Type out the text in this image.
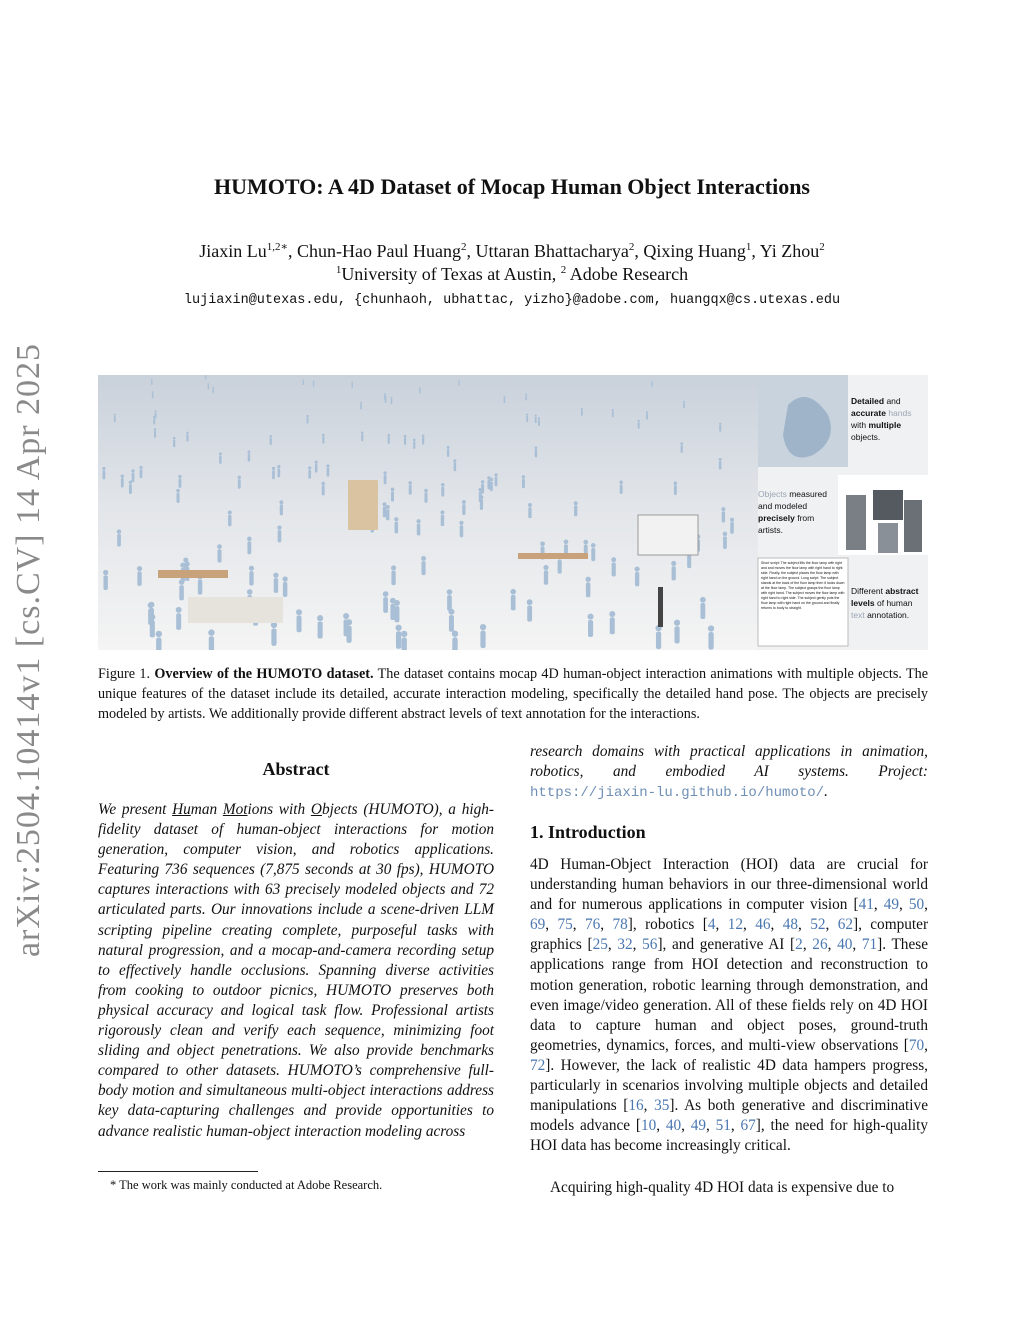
arXiv:2504.10414v1 [cs.CV] 14 Apr 2025
HUMOTO: A 4D Dataset of Mocap Human Object Interactions
Jiaxin $Lu^{1,2∗}$, Chun-Hao Paul Huang$^2$, Uttaran Bhattacharya$^2$, Qixing Huang$^1$, Yi Zhou$^2$
$^1$University of Texas at Austin, $^2$ Adobe Research
lujiaxin@utexas.edu, {chunhaoh, ubhattac, yizho}@adobe.com, huangqx@cs.utexas.edu
Detailed and
accurate hands
with multiple
objects.
Objects measured and modeled precisely from artists.
Different abstract levels of human text annotation.
Short script: The subject lifts the floor lamp with right and and moves the floor lamp with right hand to right side. Finally, the subject places the floor lamp with right hand on the ground. Long script: The subject stands at the back of the floor lamp then it looks down at the floor lamp. The subject grasps the floor lamp with right hand. The subject moves the floor lamp with right hand to right side. The subject gently puts the floor lamp with right hand on the ground and finally returns to body to straight.
Figure 1. Overview of the HUMOTO dataset. The dataset contains mocap 4D human-object interaction animations with multiple objects. The unique features of the dataset include its detailed, accurate interaction modeling, specifically the detailed hand pose. The objects are precisely modeled by artists. We additionally provide different abstract levels of text annotation for the interactions.
Abstract
We present Human Motions with Objects (HUMOTO), a high-fidelity dataset of human-object interactions for motion generation, computer vision, and robotics applications. Featuring 736 sequences (7,875 seconds at 30 fps), HUMOTO captures interactions with 63 precisely modeled objects and 72 articulated parts. Our innovations include a scene-driven LLM scripting pipeline creating complete, purposeful tasks with natural progression, and a mocap-and-camera recording setup to effectively handle occlusions. Spanning diverse activities from cooking to outdoor picnics, HUMOTO preserves both physical accuracy and logical task flow. Professional artists rigorously clean and verify each sequence, minimizing foot sliding and object penetrations. We also provide benchmarks compared to other datasets. HUMOTO’s comprehensive full-body motion and simultaneous multi-object interactions address key data-capturing challenges and provide opportunities to advance realistic human-object interaction modeling across
* The work was mainly conducted at Adobe Research.
research domains with practical applications in animation, robotics, and embodied AI systems. Project: https://jiaxin-lu.github.io/humoto/.
1. Introduction
4D Human-Object Interaction (HOI) data are crucial for understanding human behaviors in our three-dimensional world and for numerous applications in computer vision [41, 49, 50, 69, 75, 76, 78], robotics [4, 12, 46, 48, 52, 62], computer graphics [25, 32, 56], and generative AI [2, 26, 40, 71]. These applications range from HOI detection and reconstruction to motion generation, robotic learning through demonstration, and even image/video generation. All of these fields rely on 4D HOI data to capture human and object poses, ground-truth geometries, dynamics, forces, and multi-view observations [70, 72]. However, the lack of realistic 4D data hampers progress, particularly in scenarios involving multiple objects and detailed manipulations [16, 35]. As both generative and discriminative models advance [10, 40, 49, 51, 67], the need for high-quality HOI data has become increasingly critical.
Acquiring high-quality 4D HOI data is expensive due to
